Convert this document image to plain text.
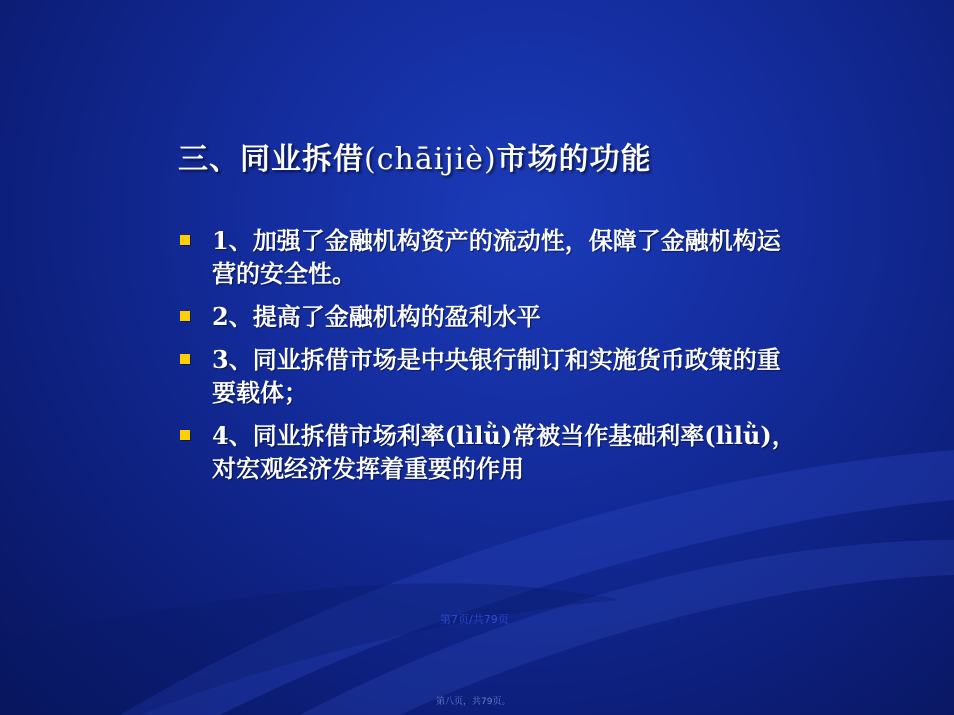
三、同业拆借(chāijiè)市场的功能
1、加强了金融机构资产的流动性，保障了金融机构运营的安全性。
2、提高了金融机构的盈利水平
3、同业拆借市场是中央银行制订和实施货币政策的重要载体；
4、同业拆借市场利率(lìlǜ)常被当作基础利率(lìlǜ)，对宏观经济发挥着重要的作用
第7页/共79页
第八页，共79页。
